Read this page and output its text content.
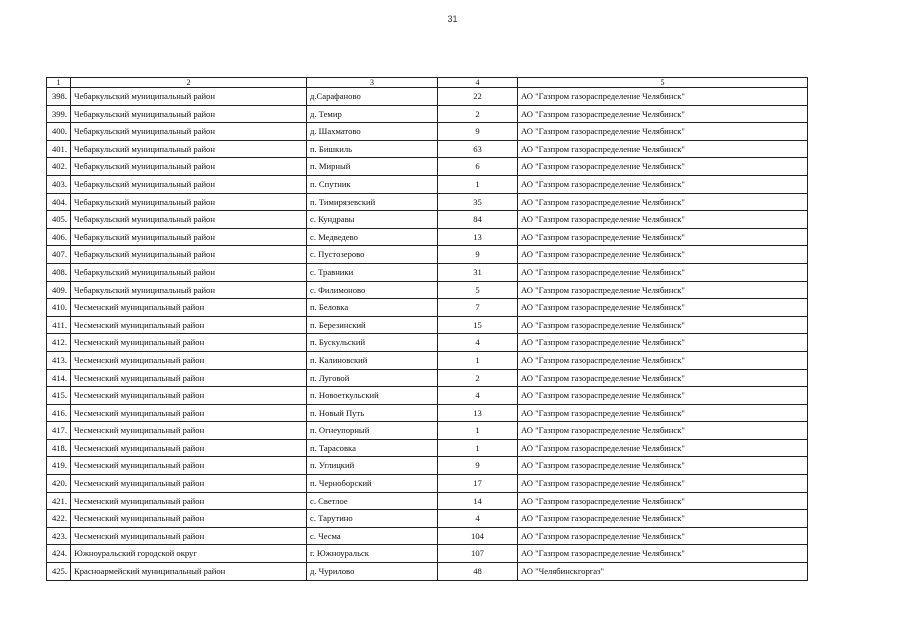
31
1	2	3	4	5
398.	Чебаркульский муниципальный район	д.Сарафаново	22	АО "Газпром газораспределение Челябинск"
399.	Чебаркульский муниципальный район	д. Темир	2	АО "Газпром газораспределение Челябинск"
400.	Чебаркульский муниципальный район	д. Шахматово	9	АО "Газпром газораспределение Челябинск"
401.	Чебаркульский муниципальный район	п. Бишкиль	63	АО "Газпром газораспределение Челябинск"
402.	Чебаркульский муниципальный район	п. Мирный	6	АО "Газпром газораспределение Челябинск"
403.	Чебаркульский муниципальный район	п. Спутник	1	АО "Газпром газораспределение Челябинск"
404.	Чебаркульский муниципальный район	п. Тимирязевский	35	АО "Газпром газораспределение Челябинск"
405.	Чебаркульский муниципальный район	с. Кундравы	84	АО "Газпром газораспределение Челябинск"
406.	Чебаркульский муниципальный район	с. Медведево	13	АО "Газпром газораспределение Челябинск"
407.	Чебаркульский муниципальный район	с. Пустозерово	9	АО "Газпром газораспределение Челябинск"
408.	Чебаркульский муниципальный район	с. Травники	31	АО "Газпром газораспределение Челябинск"
409.	Чебаркульский муниципальный район	с. Филимоново	5	АО "Газпром газораспределение Челябинск"
410.	Чесменский муниципальный район	п. Беловка	7	АО "Газпром газораспределение Челябинск"
411.	Чесменский муниципальный район	п. Березинский	15	АО "Газпром газораспределение Челябинск"
412.	Чесменский муниципальный район	п. Бускульский	4	АО "Газпром газораспределение Челябинск"
413.	Чесменский муниципальный район	п. Калиновский	1	АО "Газпром газораспределение Челябинск"
414.	Чесменский муниципальный район	п. Луговой	2	АО "Газпром газораспределение Челябинск"
415.	Чесменский муниципальный район	п. Новоеткульский	4	АО "Газпром газораспределение Челябинск"
416.	Чесменский муниципальный район	п. Новый Путь	13	АО "Газпром газораспределение Челябинск"
417.	Чесменский муниципальный район	п. Огнеупорный	1	АО "Газпром газораспределение Челябинск"
418.	Чесменский муниципальный район	п. Тарасовка	1	АО "Газпром газораспределение Челябинск"
419.	Чесменский муниципальный район	п. Углицкий	9	АО "Газпром газораспределение Челябинск"
420.	Чесменский муниципальный район	п. Черноборский	17	АО "Газпром газораспределение Челябинск"
421.	Чесменский муниципальный район	с. Светлое	14	АО "Газпром газораспределение Челябинск"
422.	Чесменский муниципальный район	с. Тарутино	4	АО "Газпром газораспределение Челябинск"
423.	Чесменский муниципальный район	с. Чесма	104	АО "Газпром газораспределение Челябинск"
424.	Южноуральский городской округ	г. Южноуральск	107	АО "Газпром газораспределение Челябинск"
425.	Красноармейский муниципальный район	д. Чуриловo	48	АО "Челябинскгоргаз"
